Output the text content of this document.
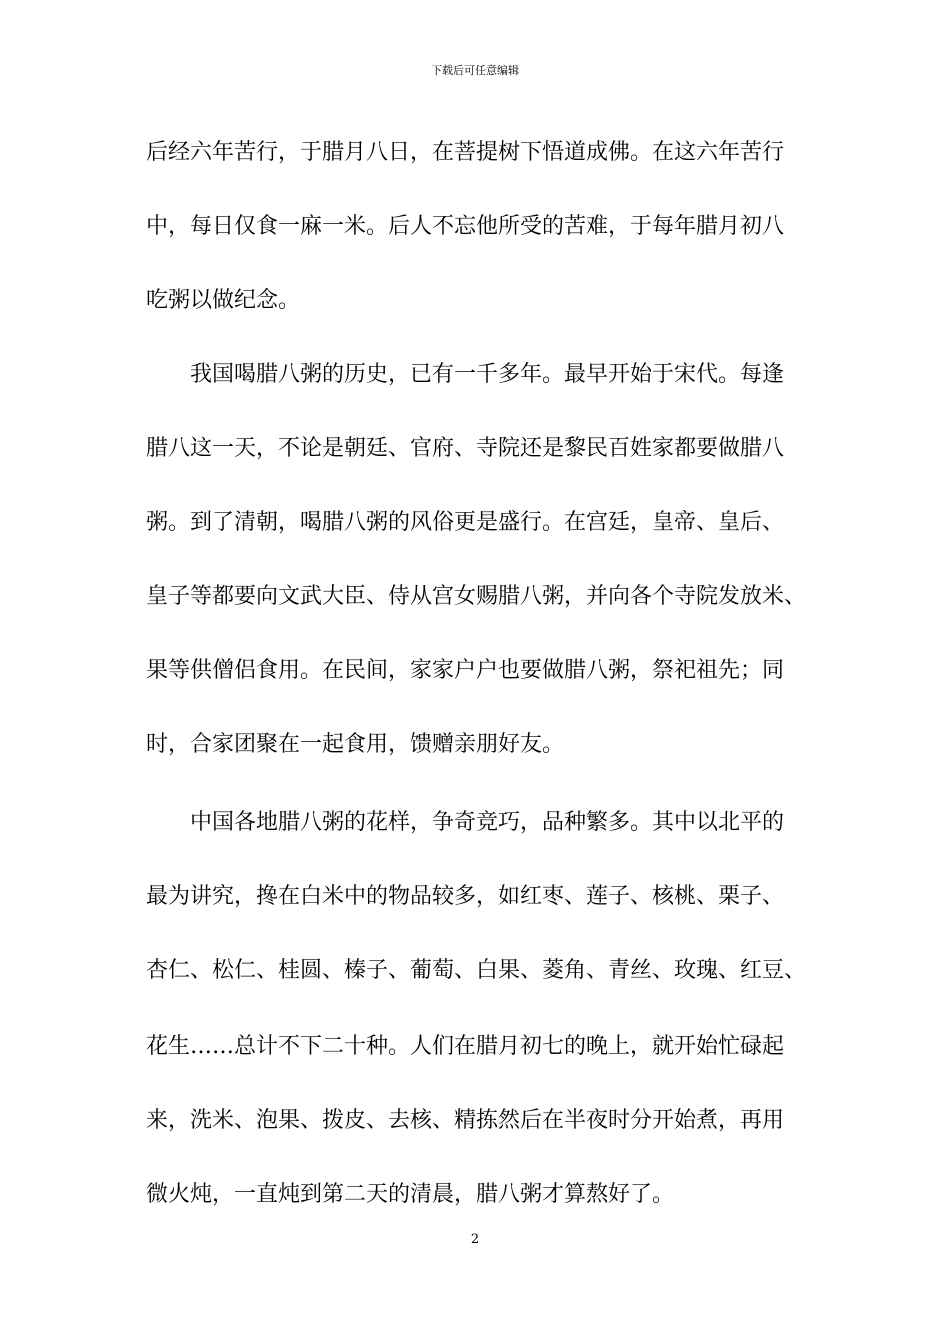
下载后可任意编辑
后经六年苦行，于腊月八日，在菩提树下悟道成佛。在这六年苦行
中，每日仅食一麻一米。后人不忘他所受的苦难，于每年腊月初八
吃粥以做纪念。
　　我国喝腊八粥的历史，已有一千多年。最早开始于宋代。每逢
腊八这一天，不论是朝廷、官府、寺院还是黎民百姓家都要做腊八
粥。到了清朝，喝腊八粥的风俗更是盛行。在宫廷，皇帝、皇后、
皇子等都要向文武大臣、侍从宫女赐腊八粥，并向各个寺院发放米、
果等供僧侣食用。在民间，家家户户也要做腊八粥，祭祀祖先；同
时，合家团聚在一起食用，馈赠亲朋好友。
　　中国各地腊八粥的花样，争奇竞巧，品种繁多。其中以北平的
最为讲究，搀在白米中的物品较多，如红枣、莲子、核桃、栗子、
杏仁、松仁、桂圆、榛子、葡萄、白果、菱角、青丝、玫瑰、红豆、
花生……总计不下二十种。人们在腊月初七的晚上，就开始忙碌起
来，洗米、泡果、拨皮、去核、精拣然后在半夜时分开始煮，再用
微火炖，一直炖到第二天的清晨，腊八粥才算熬好了。
2
